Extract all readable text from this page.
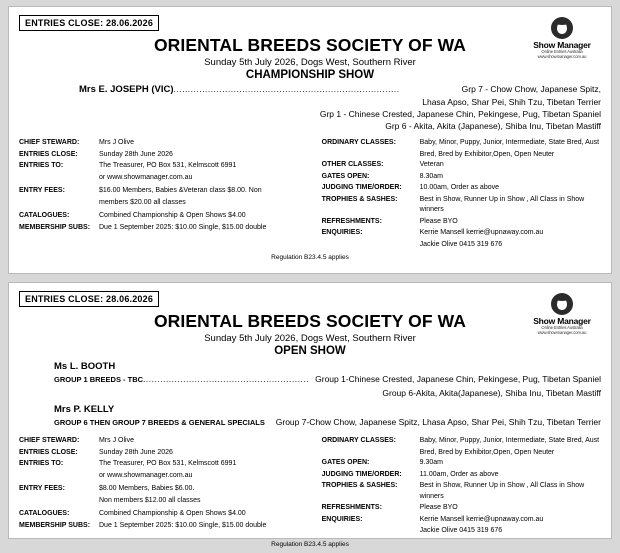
ENTRIES CLOSE: 28.06.2026
Show Manager
Online Entries Australia www.showmanager.com.au
ORIENTAL BREEDS SOCIETY OF WA
Sunday 5th July 2026, Dogs West, Southern River
CHAMPIONSHIP SHOW
Mrs E. JOSEPH (VIC) ...............................................................................	Grp 7 - Chow Chow, Japanese Spitz,
Lhasa Apso, Shar Pei, Shih Tzu, Tibetan Terrier
Grp 1 - Chinese Crested, Japanese Chin, Pekingese, Pug, Tibetan Spaniel
Grp 6 - Akita, Akita (Japanese), Shiba Inu, Tibetan Mastiff
CHIEF STEWARD:	Mrs J Olive
ENTRIES CLOSE:	Sunday 28th June 2026
ENTRIES TO:	The Treasurer, PO Box 531, Kelmscott 6991
or www.showmanager.com.au
ENTRY FEES:	$16.00 Members, Babies &Veteran class $8.00. Non
members $20.00 all classes
CATALOGUES:	Combined Championship & Open Shows $4.00
MEMBERSHIP SUBS:	Due 1 September 2025: $10.00 Single, $15.00 double
ORDINARY CLASSES:	Baby, Minor, Puppy, Junior, Intermediate, State Bred, Aust
Bred, Bred by Exhibitor,Open, Open Neuter
OTHER CLASSES:	Veteran
GATES OPEN:	8.30am
JUDGING TIME/ORDER:	10.00am, Order as above
TROPHIES & SASHES:	Best in Show, Runner Up in Show , All Class in Show winners
REFRESHMENTS:	Please BYO
ENQUIRIES:	Kerrie Mansell kerrie@upnaway.com.au
Jackie Olive 0415 319 676
Regulation B23.4.5 applies
ENTRIES CLOSE: 28.06.2026
Show Manager
Online Entries Australia www.showmanager.com.au
ORIENTAL BREEDS SOCIETY OF WA
Sunday 5th July 2026, Dogs West, Southern River
OPEN SHOW
Ms L. BOOTH
GROUP 1 BREEDS - TBC .......................................................... Group 1-Chinese Crested, Japanese Chin, Pekingese, Pug, Tibetan Spaniel
Group 6-Akita, Akita(Japanese), Shiba Inu, Tibetan Mastiff
Mrs P. KELLY
GROUP 6 THEN GROUP 7 BREEDS & GENERAL SPECIALS Group 7-Chow Chow, Japanese Spitz, Lhasa Apso, Shar Pei, Shih Tzu, Tibetan Terrier
CHIEF STEWARD:	Mrs J Olive
ENTRIES CLOSE:	Sunday 28th June 2026
ENTRIES TO:	The Treasurer, PO Box 531, Kelmscott 6991
or www.showmanager.com.au
ENTRY FEES:	$8.00 Members, Babies $6.00.
Non members $12.00 all classes
CATALOGUES:	Combined Championship & Open Shows $4.00
MEMBERSHIP SUBS:	Due 1 September 2025: $10.00 Single, $15.00 double
ORDINARY CLASSES:	Baby, Minor, Puppy, Junior, Intermediate, State Bred, Aust
Bred, Bred by Exhibitor,Open, Open Neuter
GATES OPEN:	9.30am
JUDGING TIME/ORDER:	11.00am, Order as above
TROPHIES & SASHES:	Best in Show, Runner Up in Show , All Class in Show winners
REFRESHMENTS:	Please BYO
ENQUIRIES:	Kerrie Mansell kerrie@upnaway.com.au
Jackie Olive 0415 319 676
Regulation B23.4.5 applies
